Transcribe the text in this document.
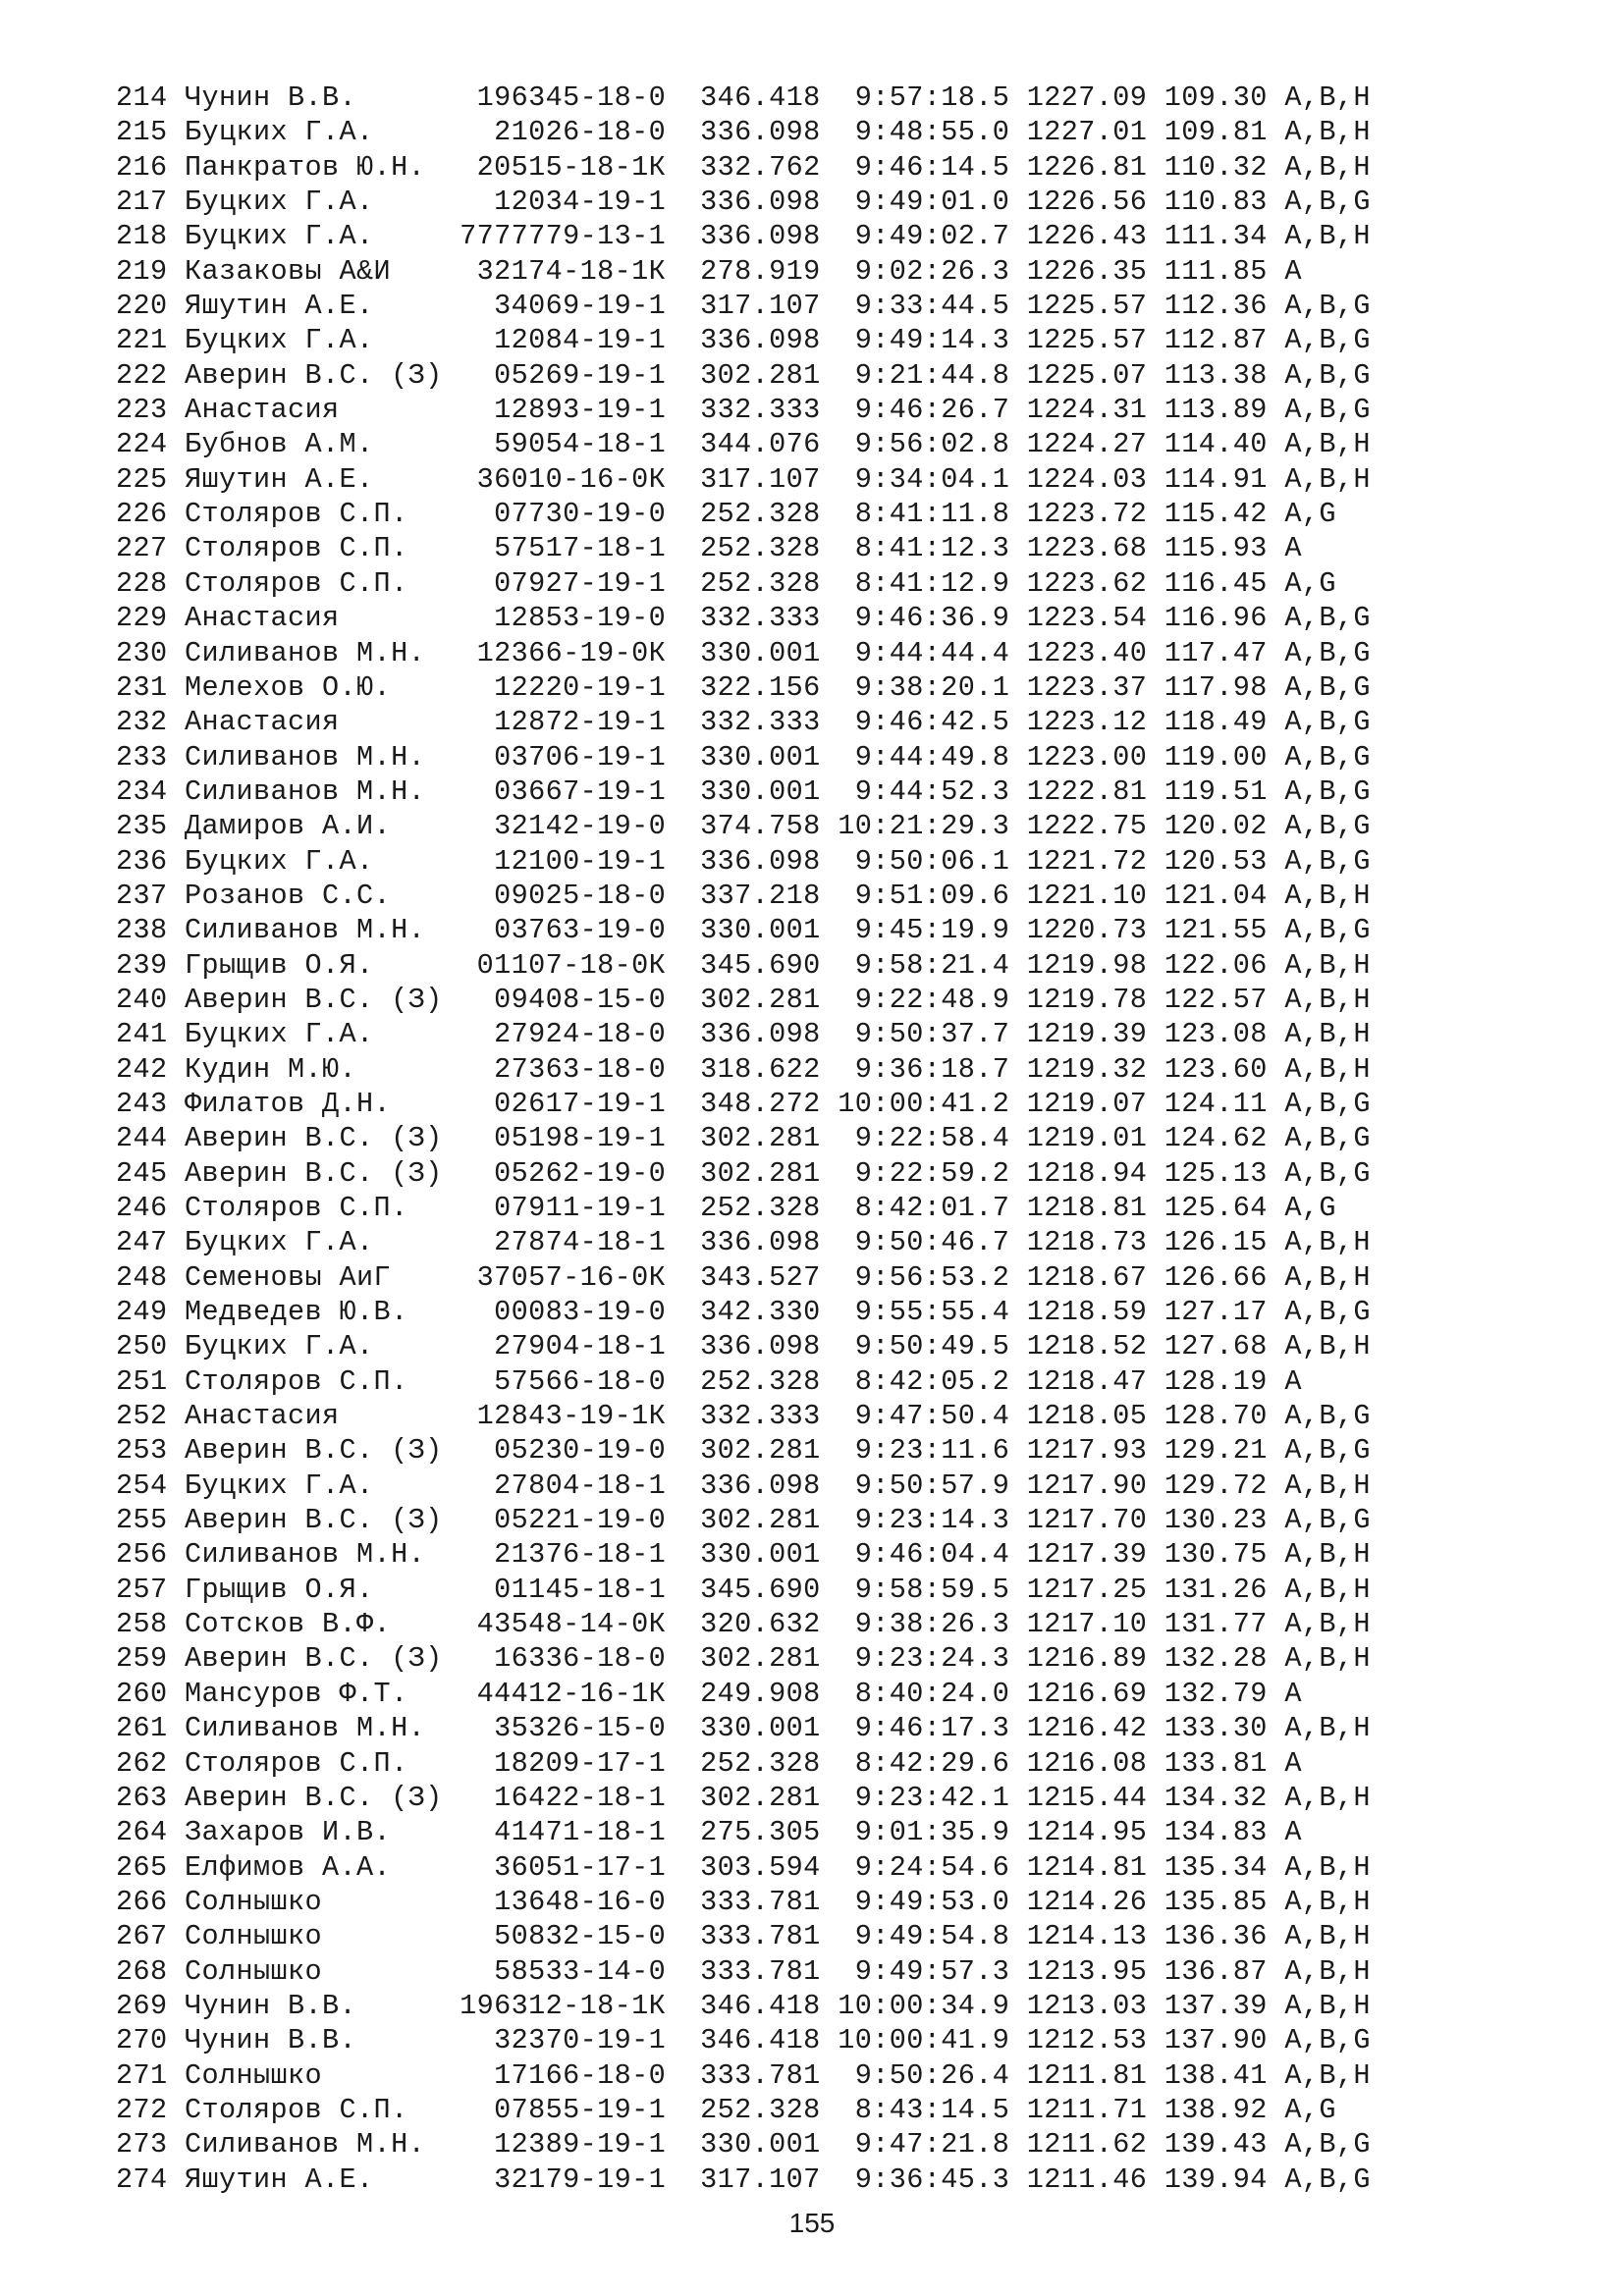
214 Чунин В.В.       196345-18-0 346.418  9:57:18.5 1227.09 109.30 A,B,H
215 Буцких Г.А.       21026-18-0 336.098  9:48:55.0 1227.01 109.81 A,B,H
216 Панкратов Ю.Н.   20515-18-1К 332.762  9:46:14.5 1226.81 110.32 A,B,H
217 Буцких Г.А.       12034-19-1 336.098  9:49:01.0 1226.56 110.83 A,B,G
218 Буцких Г.А.     7777779-13-1 336.098  9:49:02.7 1226.43 111.34 A,B,H
219 Казаковы А&И     32174-18-1К 278.919  9:02:26.3 1226.35 111.85 A
220 Яшутин А.Е.       34069-19-1 317.107  9:33:44.5 1225.57 112.36 A,B,G
221 Буцких Г.А.       12084-19-1 336.098  9:49:14.3 1225.57 112.87 A,B,G
222 Аверин В.С. (З)   05269-19-1 302.281  9:21:44.8 1225.07 113.38 A,B,G
223 Анастасия         12893-19-1 332.333  9:46:26.7 1224.31 113.89 A,B,G
224 Бубнов А.М.       59054-18-1 344.076  9:56:02.8 1224.27 114.40 A,B,H
225 Яшутин А.Е.      36010-16-0К 317.107  9:34:04.1 1224.03 114.91 A,B,H
226 Столяров С.П.     07730-19-0 252.328  8:41:11.8 1223.72 115.42 A,G
227 Столяров С.П.     57517-18-1 252.328  8:41:12.3 1223.68 115.93 A
228 Столяров С.П.     07927-19-1 252.328  8:41:12.9 1223.62 116.45 A,G
229 Анастасия         12853-19-0 332.333  9:46:36.9 1223.54 116.96 A,B,G
230 Силиванов М.Н.   12366-19-0К 330.001  9:44:44.4 1223.40 117.47 A,B,G
231 Мелехов О.Ю.      12220-19-1 322.156  9:38:20.1 1223.37 117.98 A,B,G
232 Анастасия         12872-19-1 332.333  9:46:42.5 1223.12 118.49 A,B,G
233 Силиванов М.Н.    03706-19-1 330.001  9:44:49.8 1223.00 119.00 A,B,G
234 Силиванов М.Н.    03667-19-1 330.001  9:44:52.3 1222.81 119.51 A,B,G
235 Дамиров А.И.      32142-19-0 374.758 10:21:29.3 1222.75 120.02 A,B,G
236 Буцких Г.А.       12100-19-1 336.098  9:50:06.1 1221.72 120.53 A,B,G
237 Розанов С.С.      09025-18-0 337.218  9:51:09.6 1221.10 121.04 A,B,H
238 Силиванов М.Н.    03763-19-0 330.001  9:45:19.9 1220.73 121.55 A,B,G
239 Грыщив О.Я.      01107-18-0К 345.690  9:58:21.4 1219.98 122.06 A,B,H
240 Аверин В.С. (З)   09408-15-0 302.281  9:22:48.9 1219.78 122.57 A,B,H
241 Буцких Г.А.       27924-18-0 336.098  9:50:37.7 1219.39 123.08 A,B,H
242 Кудин М.Ю.        27363-18-0 318.622  9:36:18.7 1219.32 123.60 A,B,H
243 Филатов Д.Н.      02617-19-1 348.272 10:00:41.2 1219.07 124.11 A,B,G
244 Аверин В.С. (З)   05198-19-1 302.281  9:22:58.4 1219.01 124.62 A,B,G
245 Аверин В.С. (З)   05262-19-0 302.281  9:22:59.2 1218.94 125.13 A,B,G
246 Столяров С.П.     07911-19-1 252.328  8:42:01.7 1218.81 125.64 A,G
247 Буцких Г.А.       27874-18-1 336.098  9:50:46.7 1218.73 126.15 A,B,H
248 Семеновы АиГ     37057-16-0К 343.527  9:56:53.2 1218.67 126.66 A,B,H
249 Медведев Ю.В.     00083-19-0 342.330  9:55:55.4 1218.59 127.17 A,B,G
250 Буцких Г.А.       27904-18-1 336.098  9:50:49.5 1218.52 127.68 A,B,H
251 Столяров С.П.     57566-18-0 252.328  8:42:05.2 1218.47 128.19 A
252 Анастасия        12843-19-1К 332.333  9:47:50.4 1218.05 128.70 A,B,G
253 Аверин В.С. (З)   05230-19-0 302.281  9:23:11.6 1217.93 129.21 A,B,G
254 Буцких Г.А.       27804-18-1 336.098  9:50:57.9 1217.90 129.72 A,B,H
255 Аверин В.С. (З)   05221-19-0 302.281  9:23:14.3 1217.70 130.23 A,B,G
256 Силиванов М.Н.    21376-18-1 330.001  9:46:04.4 1217.39 130.75 A,B,H
257 Грыщив О.Я.       01145-18-1 345.690  9:58:59.5 1217.25 131.26 A,B,H
258 Сотсков В.Ф.     43548-14-0К 320.632  9:38:26.3 1217.10 131.77 A,B,H
259 Аверин В.С. (З)   16336-18-0 302.281  9:23:24.3 1216.89 132.28 A,B,H
260 Мансуров Ф.Т.    44412-16-1К 249.908  8:40:24.0 1216.69 132.79 A
261 Силиванов М.Н.    35326-15-0 330.001  9:46:17.3 1216.42 133.30 A,B,H
262 Столяров С.П.     18209-17-1 252.328  8:42:29.6 1216.08 133.81 A
263 Аверин В.С. (З)   16422-18-1 302.281  9:23:42.1 1215.44 134.32 A,B,H
264 Захаров И.В.      41471-18-1 275.305  9:01:35.9 1214.95 134.83 A
265 Елфимов А.А.      36051-17-1 303.594  9:24:54.6 1214.81 135.34 A,B,H
266 Солнышко          13648-16-0 333.781  9:49:53.0 1214.26 135.85 A,B,H
267 Солнышко          50832-15-0 333.781  9:49:54.8 1214.13 136.36 A,B,H
268 Солнышко          58533-14-0 333.781  9:49:57.3 1213.95 136.87 A,B,H
269 Чунин В.В.      196312-18-1К 346.418 10:00:34.9 1213.03 137.39 A,B,H
270 Чунин В.В.        32370-19-1 346.418 10:00:41.9 1212.53 137.90 A,B,G
271 Солнышко          17166-18-0 333.781  9:50:26.4 1211.81 138.41 A,B,H
272 Столяров С.П.     07855-19-1 252.328  8:43:14.5 1211.71 138.92 A,G
273 Силиванов М.Н.    12389-19-1 330.001  9:47:21.8 1211.62 139.43 A,B,G
274 Яшутин А.Е.       32179-19-1 317.107  9:36:45.3 1211.46 139.94 A,B,G
155
